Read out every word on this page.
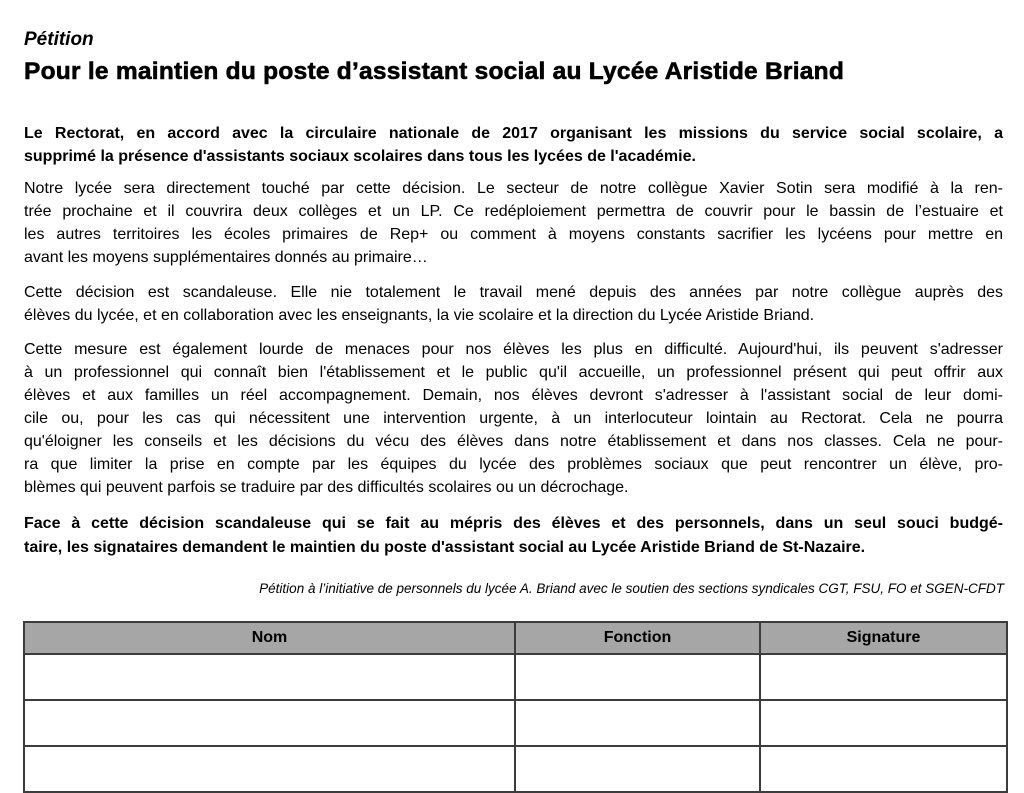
Pétition
Pour le maintien du poste d’assistant social au Lycée Aristide Briand
Le Rectorat, en accord avec la circulaire nationale de 2017 organisant les missions du service social scolaire, a
supprimé la présence d'assistants sociaux scolaires dans tous les lycées de l'académie.
Notre lycée sera directement touché par cette décision. Le secteur de notre collègue Xavier Sotin sera modifié à la ren-
trée prochaine et il couvrira deux collèges et un LP. Ce redéploiement permettra de couvrir pour le bassin de l’estuaire et
les autres territoires les écoles primaires de Rep+ ou comment à moyens constants sacrifier les lycéens pour mettre en
avant les moyens supplémentaires donnés au primaire…
Cette décision est scandaleuse. Elle nie totalement le travail mené depuis des années par notre collègue auprès des
élèves du lycée, et en collaboration avec les enseignants, la vie scolaire et la direction du Lycée Aristide Briand.
Cette mesure est également lourde de menaces pour nos élèves les plus en difficulté. Aujourd'hui, ils peuvent s'adresser
à un professionnel qui connaît bien l'établissement et le public qu'il accueille, un professionnel présent qui peut offrir aux
élèves et aux familles un réel accompagnement. Demain, nos élèves devront s'adresser à l'assistant social de leur domi-
cile ou, pour les cas qui nécessitent une intervention urgente, à un interlocuteur lointain au Rectorat. Cela ne pourra
qu'éloigner les conseils et les décisions du vécu des élèves dans notre établissement et dans nos classes. Cela ne pour-
ra que limiter la prise en compte par les équipes du lycée des problèmes sociaux que peut rencontrer un élève, pro-
blèmes qui peuvent parfois se traduire par des difficultés scolaires ou un décrochage.
Face à cette décision scandaleuse qui se fait au mépris des élèves et des personnels, dans un seul souci budgé-
taire, les signataires demandent le maintien du poste d'assistant social au Lycée Aristide Briand de St-Nazaire.
Pétition à l’initiative de personnels du lycée A. Briand avec le soutien des sections syndicales CGT, FSU, FO et SGEN-CFDT
Nom	Fonction	Signature
